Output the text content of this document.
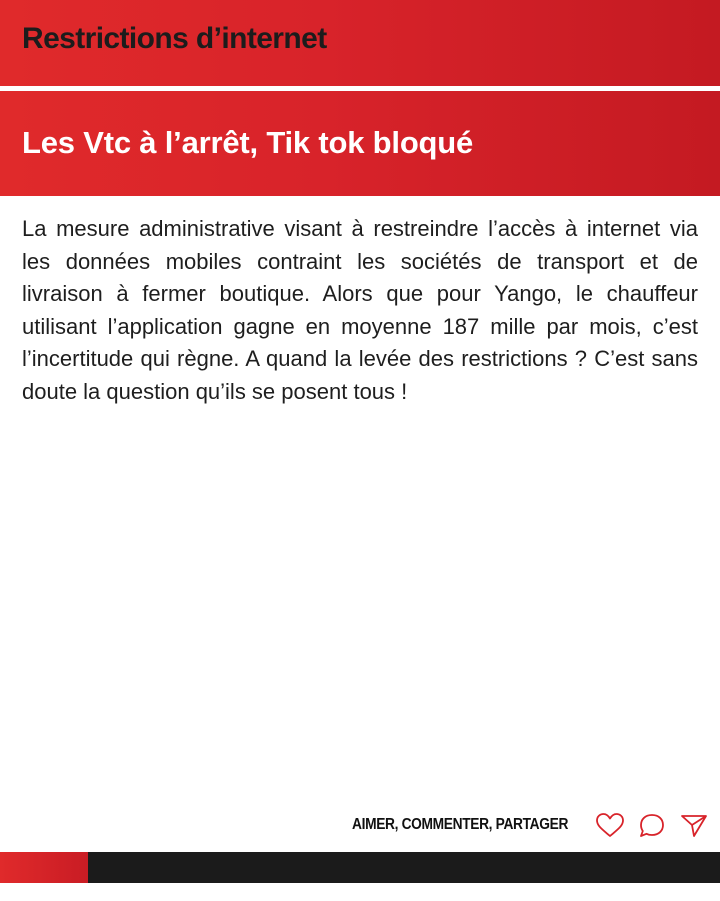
Restrictions d’internet
Les Vtc à l’arrêt, Tik tok bloqué

La mesure administrative visant à restreindre l’accès à internet via les données mobiles contraint les sociétés de transport et de livraison à fermer boutique. Alors que pour Yango, le chauffeur utilisant l’application gagne en moyenne 187 mille par mois, c’est l’incertitude qui règne. A quand la levée des restrictions ? C’est sans doute la question qu’ils se posent tous !

AIMER, COMMENTER, PARTAGER
